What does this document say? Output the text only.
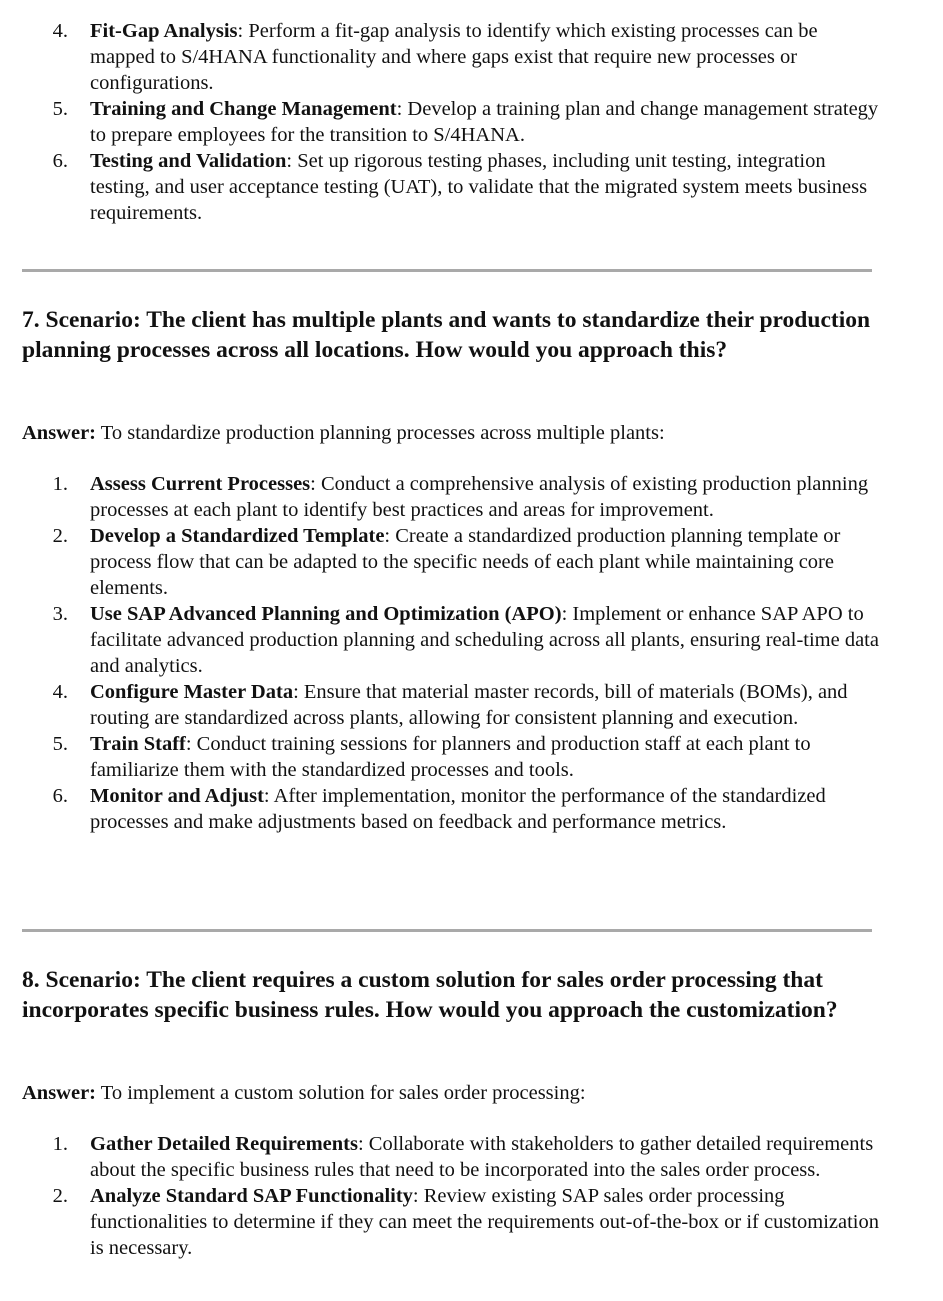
4.	Fit-Gap Analysis: Perform a fit-gap analysis to identify which existing processes can be mapped to S/4HANA functionality and where gaps exist that require new processes or configurations.
5.	Training and Change Management: Develop a training plan and change management strategy to prepare employees for the transition to S/4HANA.
6.	Testing and Validation: Set up rigorous testing phases, including unit testing, integration testing, and user acceptance testing (UAT), to validate that the migrated system meets business requirements.
7. Scenario: The client has multiple plants and wants to standardize their production planning processes across all locations. How would you approach this?

Answer: To standardize production planning processes across multiple plants:

1.	Assess Current Processes: Conduct a comprehensive analysis of existing production planning processes at each plant to identify best practices and areas for improvement.
2.	Develop a Standardized Template: Create a standardized production planning template or process flow that can be adapted to the specific needs of each plant while maintaining core elements.
3.	Use SAP Advanced Planning and Optimization (APO): Implement or enhance SAP APO to facilitate advanced production planning and scheduling across all plants, ensuring real-time data and analytics.
4.	Configure Master Data: Ensure that material master records, bill of materials (BOMs), and routing are standardized across plants, allowing for consistent planning and execution.
5.	Train Staff: Conduct training sessions for planners and production staff at each plant to familiarize them with the standardized processes and tools.
6.	Monitor and Adjust: After implementation, monitor the performance of the standardized processes and make adjustments based on feedback and performance metrics.
8. Scenario: The client requires a custom solution for sales order processing that incorporates specific business rules. How would you approach the customization?

Answer: To implement a custom solution for sales order processing:

1.	Gather Detailed Requirements: Collaborate with stakeholders to gather detailed requirements about the specific business rules that need to be incorporated into the sales order process.
2.	Analyze Standard SAP Functionality: Review existing SAP sales order processing functionalities to determine if they can meet the requirements out-of-the-box or if customization is necessary.
